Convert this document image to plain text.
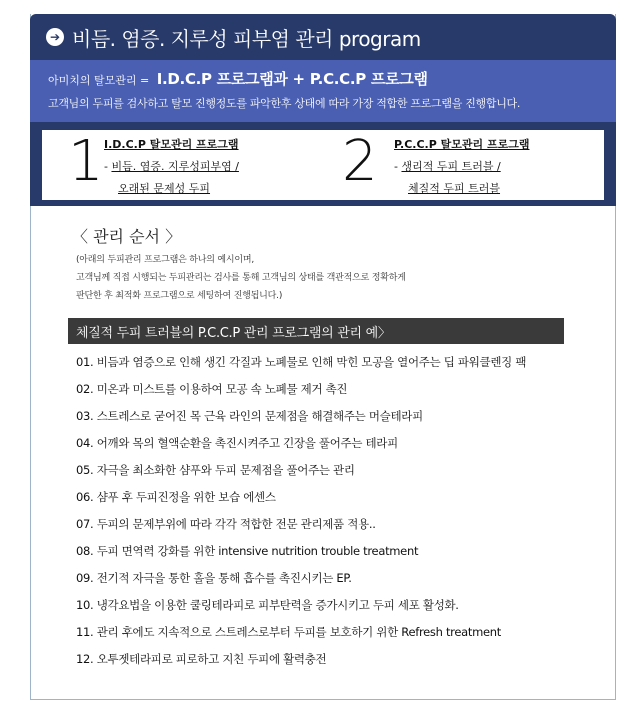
➔ 비듬. 염증. 지루성 피부염 관리 program
아미치의 탈모관리 = I.D.C.P 프로그램과 + P.C.C.P 프로그램
고객님의 두피를 검사하고 탈모 진행정도를 파악한후 상태에 따라 가장 적합한 프로그램을 진행합니다.
1 I.D.C.P 탈모관리 프로그램
- 비듬. 염증. 지루성피부염 /
오래된 문제성 두피 2 P.C.C.P 탈모관리 프로그램
- 생리적 두피 트러블 /
체질적 두피 트러블
〈 관리 순서 〉
(아래의 두피관리 프로그램은 하나의 예시이며,
고객님께 직접 시행되는 두피관리는 검사를 통해 고객님의 상태를 객관적으로 정확하게
판단한 후 최적화 프로그램으로 세팅하여 진행됩니다.)
체질적 두피 트러블의 P.C.C.P 관리 프로그램의 관리 예〉
01. 비듬과 염증으로 인해 생긴 각질과 노폐물로 인해 막힌 모공을 열어주는 딥 파워클렌징 팩
02. 미온과 미스트를 이용하여 모공 속 노폐물 제거 촉진
03. 스트레스로 굳어진 목 근육 라인의 문제점을 해결해주는 머슬테라피
04. 어깨와 목의 혈액순환을 촉진시켜주고 긴장을 풀어주는 테라피
05. 자극을 최소화한 샴푸와 두피 문제점을 풀어주는 관리
06. 샴푸 후 두피진정을 위한 보습 에센스
07. 두피의 문제부위에 따라 각각 적합한 전문 관리제품 적용..
08. 두피 면역력 강화를 위한 intensive nutrition trouble treatment
09. 전기적 자극을 통한 홀을 통해 흡수를 촉진시키는 EP.
10. 냉각요법을 이용한 쿨링테라피로 피부탄력을 증가시키고 두피 세포 활성화.
11. 관리 후에도 지속적으로 스트레스로부터 두피를 보호하기 위한 Refresh treatment
12. 오투젯테라피로 피로하고 지친 두피에 활력충전
